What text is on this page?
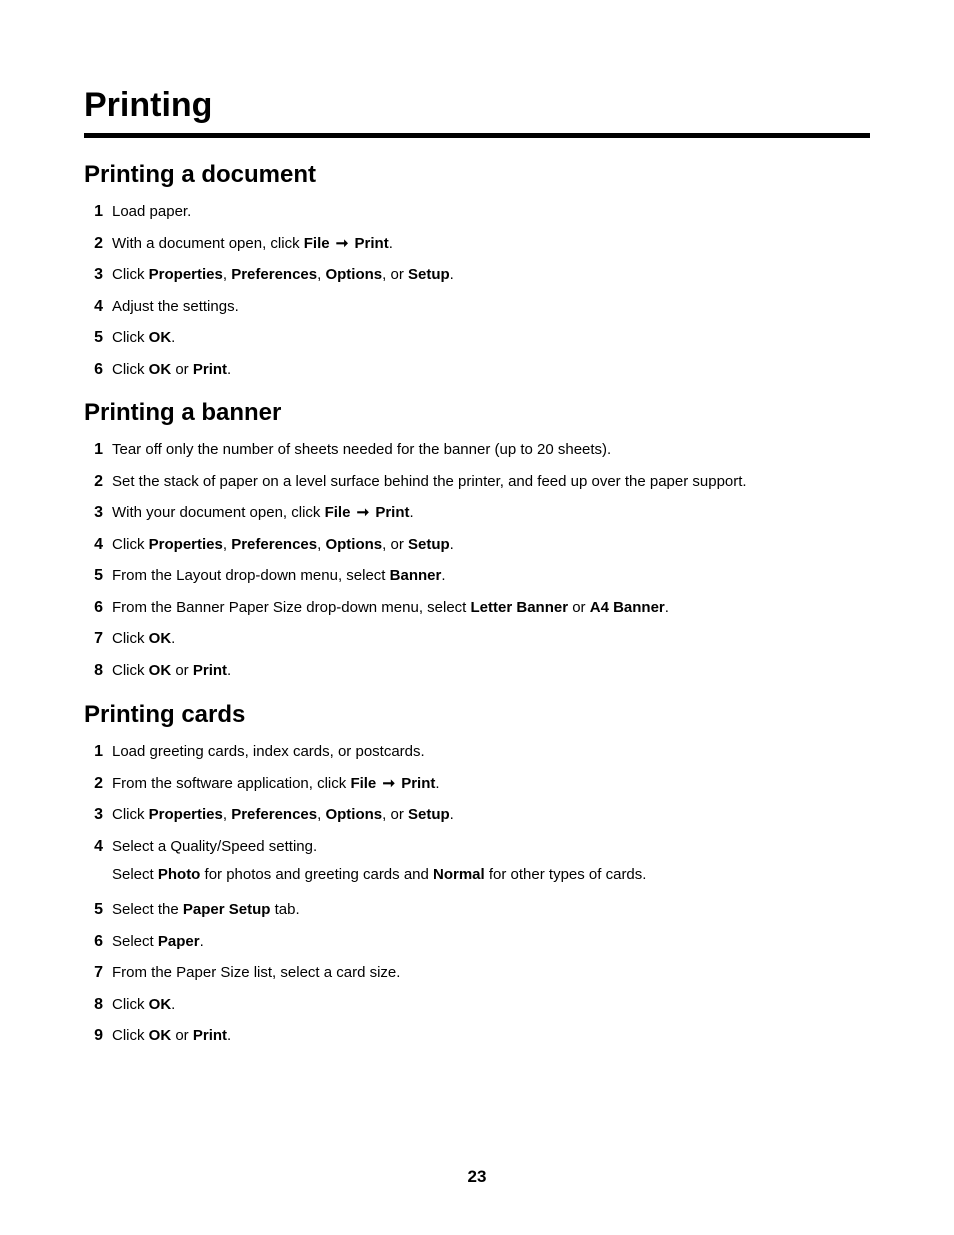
Printing
Printing a document
1 Load paper.
2 With a document open, click File ➞ Print.
3 Click Properties, Preferences, Options, or Setup.
4 Adjust the settings.
5 Click OK.
6 Click OK or Print.
Printing a banner
1 Tear off only the number of sheets needed for the banner (up to 20 sheets).
2 Set the stack of paper on a level surface behind the printer, and feed up over the paper support.
3 With your document open, click File ➞ Print.
4 Click Properties, Preferences, Options, or Setup.
5 From the Layout drop-down menu, select Banner.
6 From the Banner Paper Size drop-down menu, select Letter Banner or A4 Banner.
7 Click OK.
8 Click OK or Print.
Printing cards
1 Load greeting cards, index cards, or postcards.
2 From the software application, click File ➞ Print.
3 Click Properties, Preferences, Options, or Setup.
4 Select a Quality/Speed setting.
Select Photo for photos and greeting cards and Normal for other types of cards.
5 Select the Paper Setup tab.
6 Select Paper.
7 From the Paper Size list, select a card size.
8 Click OK.
9 Click OK or Print.
23
